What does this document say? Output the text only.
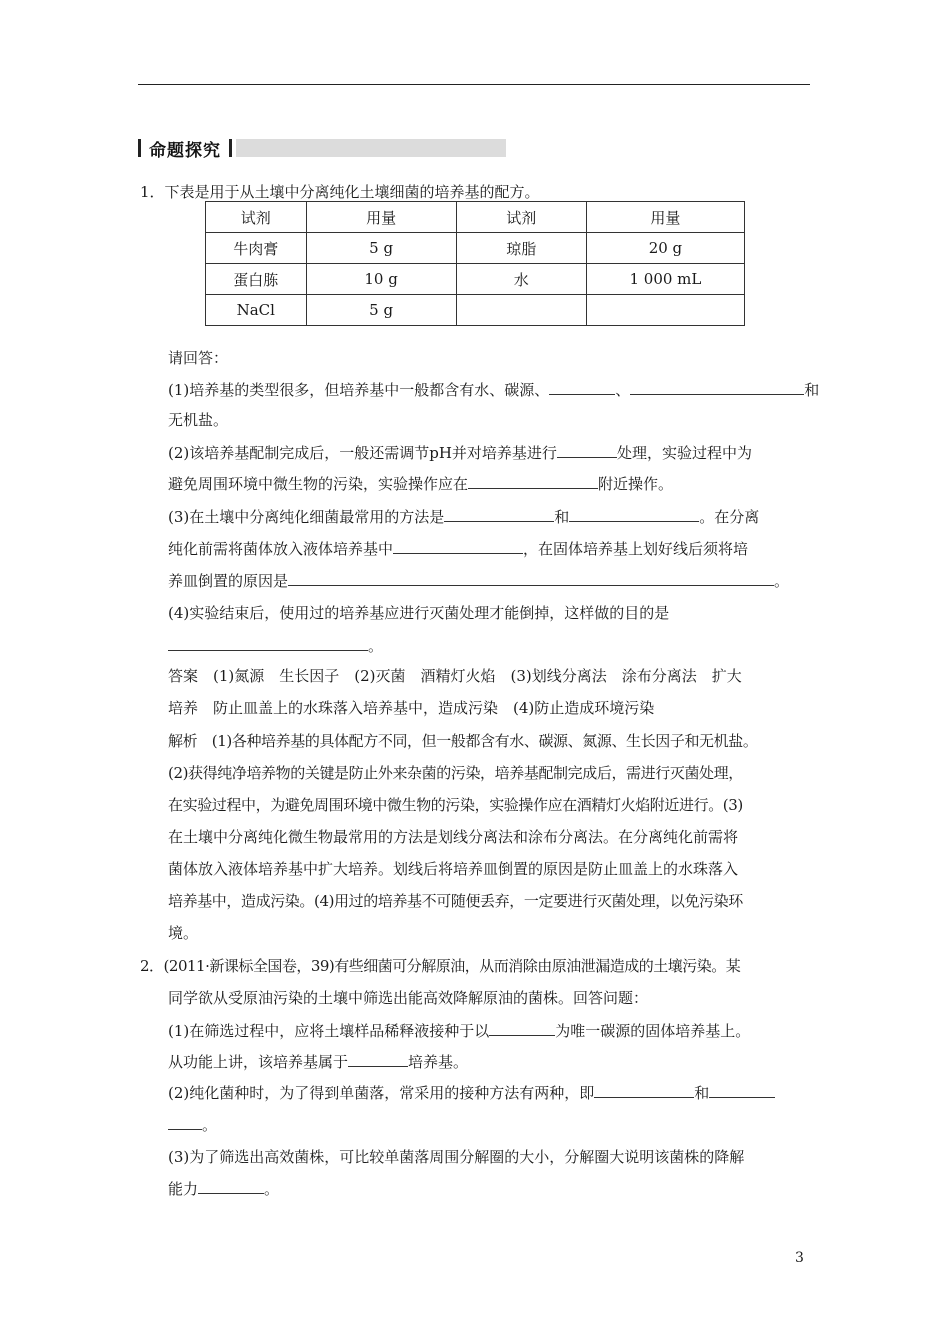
命题探究
1．下表是用于从土壤中分离纯化土壤细菌的培养基的配方。
试剂	用量	试剂	用量
牛肉膏	5 g	琼脂	20 g
蛋白胨	10 g	水	1 000 mL
NaCl	5 g		
请回答：
(1)培养基的类型很多，但培养基中一般都含有水、碳源、	、	和
无机盐。
(2)该培养基配制完成后，一般还需调节pH并对培养基进行	处理，实验过程中为
避免周围环境中微生物的污染，实验操作应在	附近操作。
(3)在土壤中分离纯化细菌最常用的方法是	和	。在分离
纯化前需将菌体放入液体培养基中	，在固体培养基上划好线后须将培
养皿倒置的原因是	。
(4)实验结束后，使用过的培养基应进行灭菌处理才能倒掉，这样做的目的是
。
答案　(1)氮源　生长因子　(2)灭菌　酒精灯火焰　(3)划线分离法　涂布分离法　扩大
培养　防止皿盖上的水珠落入培养基中，造成污染　(4)防止造成环境污染
解析　(1)各种培养基的具体配方不同，但一般都含有水、碳源、氮源、生长因子和无机盐。
(2)获得纯净培养物的关键是防止外来杂菌的污染，培养基配制完成后，需进行灭菌处理，
在实验过程中，为避免周围环境中微生物的污染，实验操作应在酒精灯火焰附近进行。(3)
在土壤中分离纯化微生物最常用的方法是划线分离法和涂布分离法。在分离纯化前需将
菌体放入液体培养基中扩大培养。划线后将培养皿倒置的原因是防止皿盖上的水珠落入
培养基中，造成污染。(4)用过的培养基不可随便丢弃，一定要进行灭菌处理，以免污染环
境。
2．(2011·新课标全国卷，39)有些细菌可分解原油，从而消除由原油泄漏造成的土壤污染。某
同学欲从受原油污染的土壤中筛选出能高效降解原油的菌株。回答问题：
(1)在筛选过程中，应将土壤样品稀释液接种于以	为唯一碳源的固体培养基上。
从功能上讲，该培养基属于	培养基。
(2)纯化菌种时，为了得到单菌落，常采用的接种方法有两种，即	和
。
(3)为了筛选出高效菌株，可比较单菌落周围分解圈的大小，分解圈大说明该菌株的降解
能力	。
3
